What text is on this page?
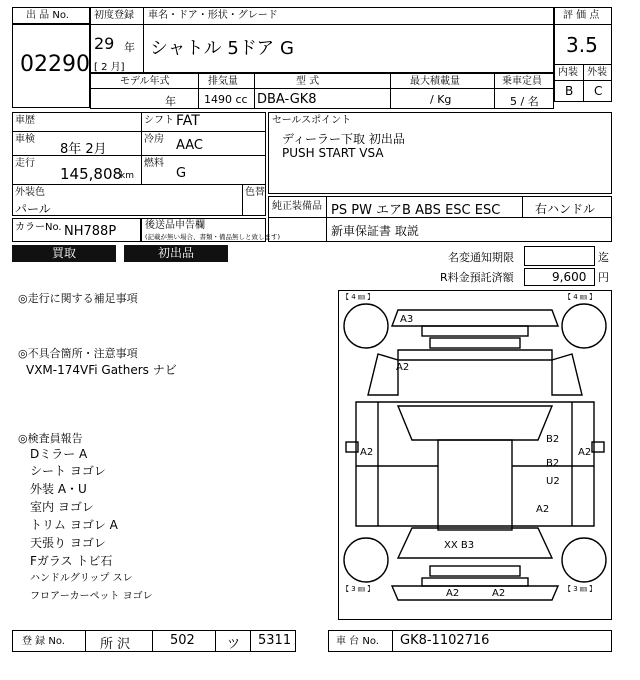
出 品 No.
02290
初度登録
29 年
[ 2 月]
車名・ドア・形状・グレード
シャトル 5ドア G
評 価 点
3.5
内装 外装
B C
モデル年式
年
排気量
1490 cc
型 式
DBA-GK8
最大積載量
/ Kg
乗車定員
5 / 名
車歴
車検
8年 2月
走行
145,808
km
シフト FAT
冷房 AAC
燃料
G
外装色
パール
色替
カラーNo. NH788P	後送品申告欄
(記載が無い場合、書類・備品無しと致します)
セールスポイント
ディーラー下取 初出品
PUSH START VSA
純正装備品 PS PW エアB ABS ESC ESC	右ハンドル
新車保証書 取説
買取	初出品	名変通知期限	迄
R料金預託済額	9,600 円
◎走行に関する補足事項
◎不具合箇所・注意事項
VXM-174VFi Gathers ナビ
◎検査員報告
Dミラー A
シート ヨゴレ
外装 A・U
室内 ヨゴレ
トリム ヨゴレ A
天張り ヨゴレ
Fガラス トビ石
ハンドルグリップ スレ
フロアーカーペット ヨゴレ
【 4 ㎜ 】	【 4 ㎜ 】
【 3 ㎜ 】	【 3 ㎜ 】
A3
A2
A2
B2
B2
U2
A2
A2
XX B3
A2	A2
登 録 No.	所 沢	502 ツ 5311	車 台 No. GK8-1102716
